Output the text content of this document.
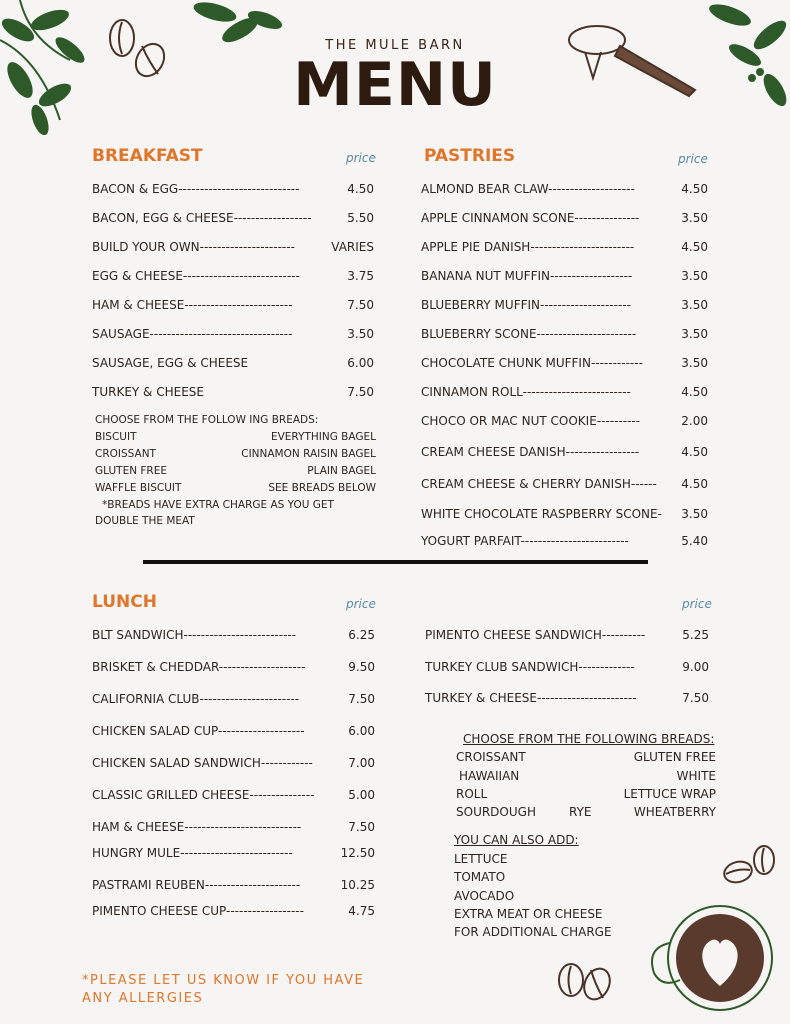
THE MULE BARN
MENU
BREAKFAST	price
BACON & EGG----------------------------	4.50
BACON, EGG & CHEESE------------------	5.50
BUILD YOUR OWN----------------------	VARIES
EGG & CHEESE---------------------------	3.75
HAM & CHEESE-------------------------	7.50
SAUSAGE---------------------------------	3.50
SAUSAGE, EGG & CHEESE	6.00
TURKEY & CHEESE	7.50
CHOOSE FROM THE FOLLOW ING BREADS:
BISCUIT	EVERYTHING BAGEL
CROISSANT	CINNAMON RAISIN BAGEL
GLUTEN FREE	PLAIN BAGEL
WAFFLE BISCUIT	SEE BREADS BELOW
*BREADS HAVE EXTRA CHARGE AS YOU GET
DOUBLE THE MEAT
PASTRIES	price
ALMOND BEAR CLAW--------------------	4.50
APPLE CINNAMON SCONE---------------	3.50
APPLE PIE DANISH------------------------	4.50
BANANA NUT MUFFIN-------------------	3.50
BLUEBERRY MUFFIN---------------------	3.50
BLUEBERRY SCONE-----------------------	3.50
CHOCOLATE CHUNK MUFFIN------------	3.50
CINNAMON ROLL-------------------------	4.50
CHOCO OR MAC NUT COOKIE----------	2.00
CREAM CHEESE DANISH-----------------	4.50
CREAM CHEESE & CHERRY DANISH------ 4.50
WHITE CHOCOLATE RASPBERRY SCONE- 3.50
YOGURT PARFAIT-------------------------	5.40
LUNCH	price	price
BLT SANDWICH--------------------------	6.25
BRISKET & CHEDDAR--------------------	9.50
CALIFORNIA CLUB-----------------------	7.50
CHICKEN SALAD CUP--------------------	6.00
CHICKEN SALAD SANDWICH------------	7.00
CLASSIC GRILLED CHEESE---------------	5.00
HAM & CHEESE---------------------------	7.50
HUNGRY MULE--------------------------	12.50
PASTRAMI REUBEN----------------------	10.25
PIMENTO CHEESE CUP------------------	4.75
PIMENTO CHEESE SANDWICH----------	5.25
TURKEY CLUB SANDWICH-------------	9.00
TURKEY & CHEESE-----------------------	7.50
CHOOSE FROM THE FOLLOWING BREADS:
CROISSANT	GLUTEN FREE
HAWAIIAN	WHITE
ROLL	LETTUCE WRAP
SOURDOUGH	RYE	WHEATBERRY
YOU CAN ALSO ADD:
LETTUCE
TOMATO
AVOCADO
EXTRA MEAT OR CHEESE
FOR ADDITIONAL CHARGE
*PLEASE LET US KNOW IF YOU HAVE ANY ALLERGIES
